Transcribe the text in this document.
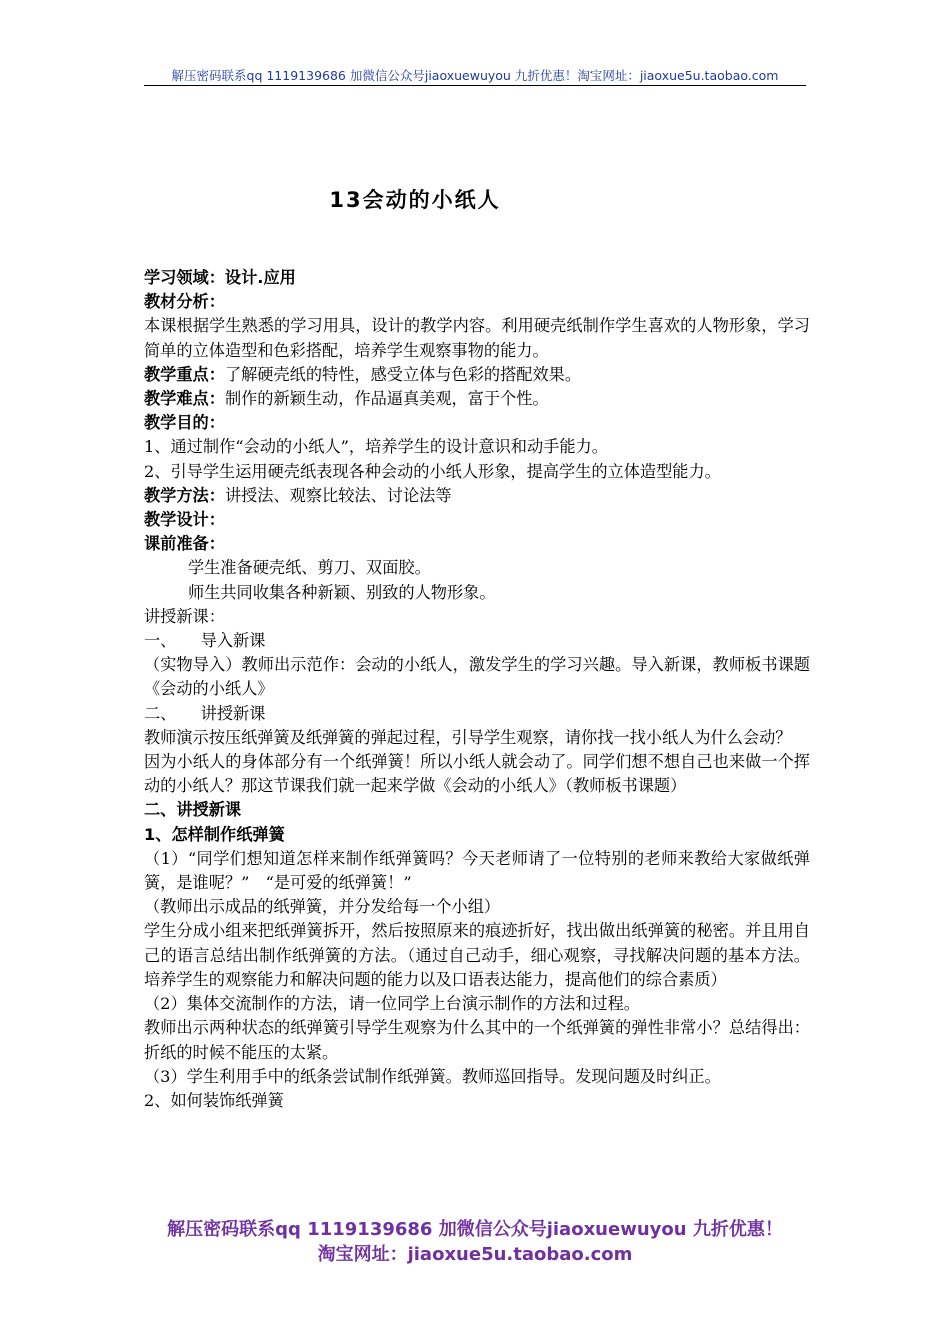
解压密码联系qq 1119139686 加微信公众号jiaoxuewuyou 九折优惠！淘宝网址：jiaoxue5u.taobao.com
13会动的小纸人

学习领域：设计.应用

教材分析：

本课根据学生熟悉的学习用具，设计的教学内容。利用硬壳纸制作学生喜欢的人物形象，学习简单的立体造型和色彩搭配，培养学生观察事物的能力。

教学重点：了解硬壳纸的特性，感受立体与色彩的搭配效果。

教学难点：制作的新颖生动，作品逼真美观，富于个性。

教学目的：

1、通过制作“会动的小纸人”，培养学生的设计意识和动手能力。

2、引导学生运用硬壳纸表现各种会动的小纸人形象，提高学生的立体造型能力。

教学方法：讲授法、观察比较法、讨论法等

教学设计：

课前准备：

学生准备硬壳纸、剪刀、双面胶。

师生共同收集各种新颖、别致的人物形象。

讲授新课：

一、　　导入新课

（实物导入）教师出示范作：会动的小纸人，激发学生的学习兴趣。导入新课，教师板书课题《会动的小纸人》

二、　　讲授新课

教师演示按压纸弹簧及纸弹簧的弹起过程，引导学生观察，请你找一找小纸人为什么会动？

因为小纸人的身体部分有一个纸弹簧！所以小纸人就会动了。同学们想不想自己也来做一个挥动的小纸人？那这节课我们就一起来学做《会动的小纸人》（教师板书课题）

二、讲授新课

1、怎样制作纸弹簧

（1）“同学们想知道怎样来制作纸弹簧吗？今天老师请了一位特别的老师来教给大家做纸弹簧，是谁呢？”　“是可爱的纸弹簧！”

（教师出示成品的纸弹簧，并分发给每一个小组）

学生分成小组来把纸弹簧拆开，然后按照原来的痕迹折好，找出做出纸弹簧的秘密。并且用自己的语言总结出制作纸弹簧的方法。（通过自己动手，细心观察，寻找解决问题的基本方法。培养学生的观察能力和解决问题的能力以及口语表达能力，提高他们的综合素质）

（2）集体交流制作的方法，请一位同学上台演示制作的方法和过程。

教师出示两种状态的纸弹簧引导学生观察为什么其中的一个纸弹簧的弹性非常小？总结得出：折纸的时候不能压的太紧。

（3）学生利用手中的纸条尝试制作纸弹簧。教师巡回指导。发现问题及时纠正。

2、如何装饰纸弹簧

解压密码联系qq 1119139686 加微信公众号jiaoxuewuyou 九折优惠！
淘宝网址：jiaoxue5u.taobao.com
